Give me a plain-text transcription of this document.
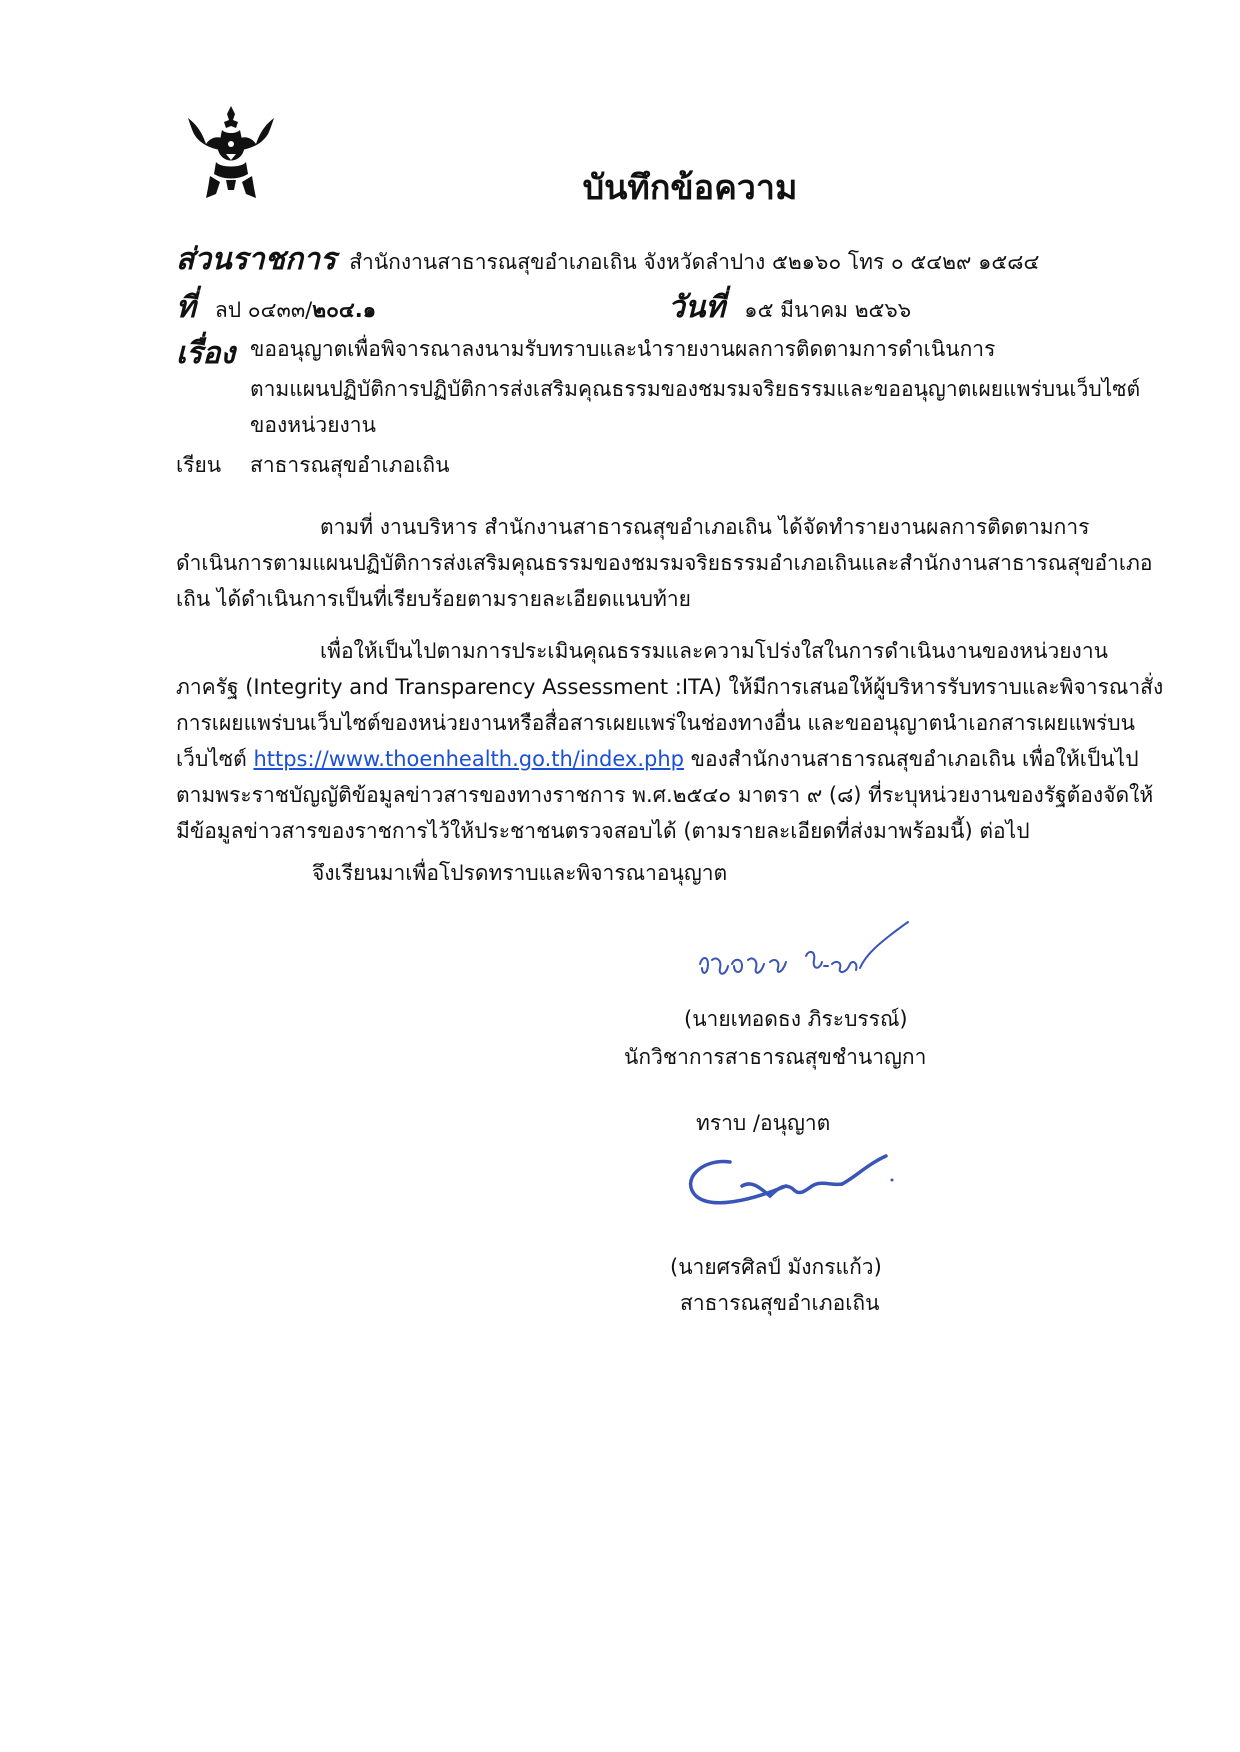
บันทึกข้อความ
ส่วนราชการ สำนักงานสาธารณสุขอำเภอเถิน จังหวัดลำปาง ๕๒๑๖๐ โทร ๐ ๕๔๒๙ ๑๕๘๔
ที่ ลป ๐๔๓๓/๒๐๔.๑	วันที่ ๑๕ มีนาคม ๒๕๖๖
เรื่อง ขออนุญาตเพื่อพิจารณาลงนามรับทราบและนำรายงานผลการติดตามการดำเนินการ
ตามแผนปฏิบัติการปฏิบัติการส่งเสริมคุณธรรมของชมรมจริยธรรมและขออนุญาตเผยแพร่บนเว็บไซต์
ของหน่วยงาน
เรียน สาธารณสุขอำเภอเถิน
ตามที่ งานบริหาร สำนักงานสาธารณสุขอำเภอเถิน ได้จัดทำรายงานผลการติดตามการ
ดำเนินการตามแผนปฏิบัติการส่งเสริมคุณธรรมของชมรมจริยธรรมอำเภอเถินและสำนักงานสาธารณสุขอำเภอ
เถิน ได้ดำเนินการเป็นที่เรียบร้อยตามรายละเอียดแนบท้าย
เพื่อให้เป็นไปตามการประเมินคุณธรรมและความโปร่งใสในการดำเนินงานของหน่วยงาน
ภาครัฐ (Integrity and Transparency Assessment :ITA) ให้มีการเสนอให้ผู้บริหารรับทราบและพิจารณาสั่ง
การเผยแพร่บนเว็บไซต์ของหน่วยงานหรือสื่อสารเผยแพร่ในช่องทางอื่น และขออนุญาตนำเอกสารเผยแพร่บน
เว็บไซต์ https://www.thoenhealth.go.th/index.php ของสำนักงานสาธารณสุขอำเภอเถิน เพื่อให้เป็นไป
ตามพระราชบัญญัติข้อมูลข่าวสารของทางราชการ พ.ศ.๒๕๔๐ มาตรา ๙ (๘) ที่ระบุหน่วยงานของรัฐต้องจัดให้
มีข้อมูลข่าวสารของราชการไว้ให้ประชาชนตรวจสอบได้ (ตามรายละเอียดที่ส่งมาพร้อมนี้) ต่อไป
จึงเรียนมาเพื่อโปรดทราบและพิจารณาอนุญาต
(นายเทอดธง ภิระบรรณ์)
นักวิชาการสาธารณสุขชำนาญกา
ทราบ /อนุญาต
(นายศรศิลป์ มังกรแก้ว)
สาธารณสุขอำเภอเถิน
